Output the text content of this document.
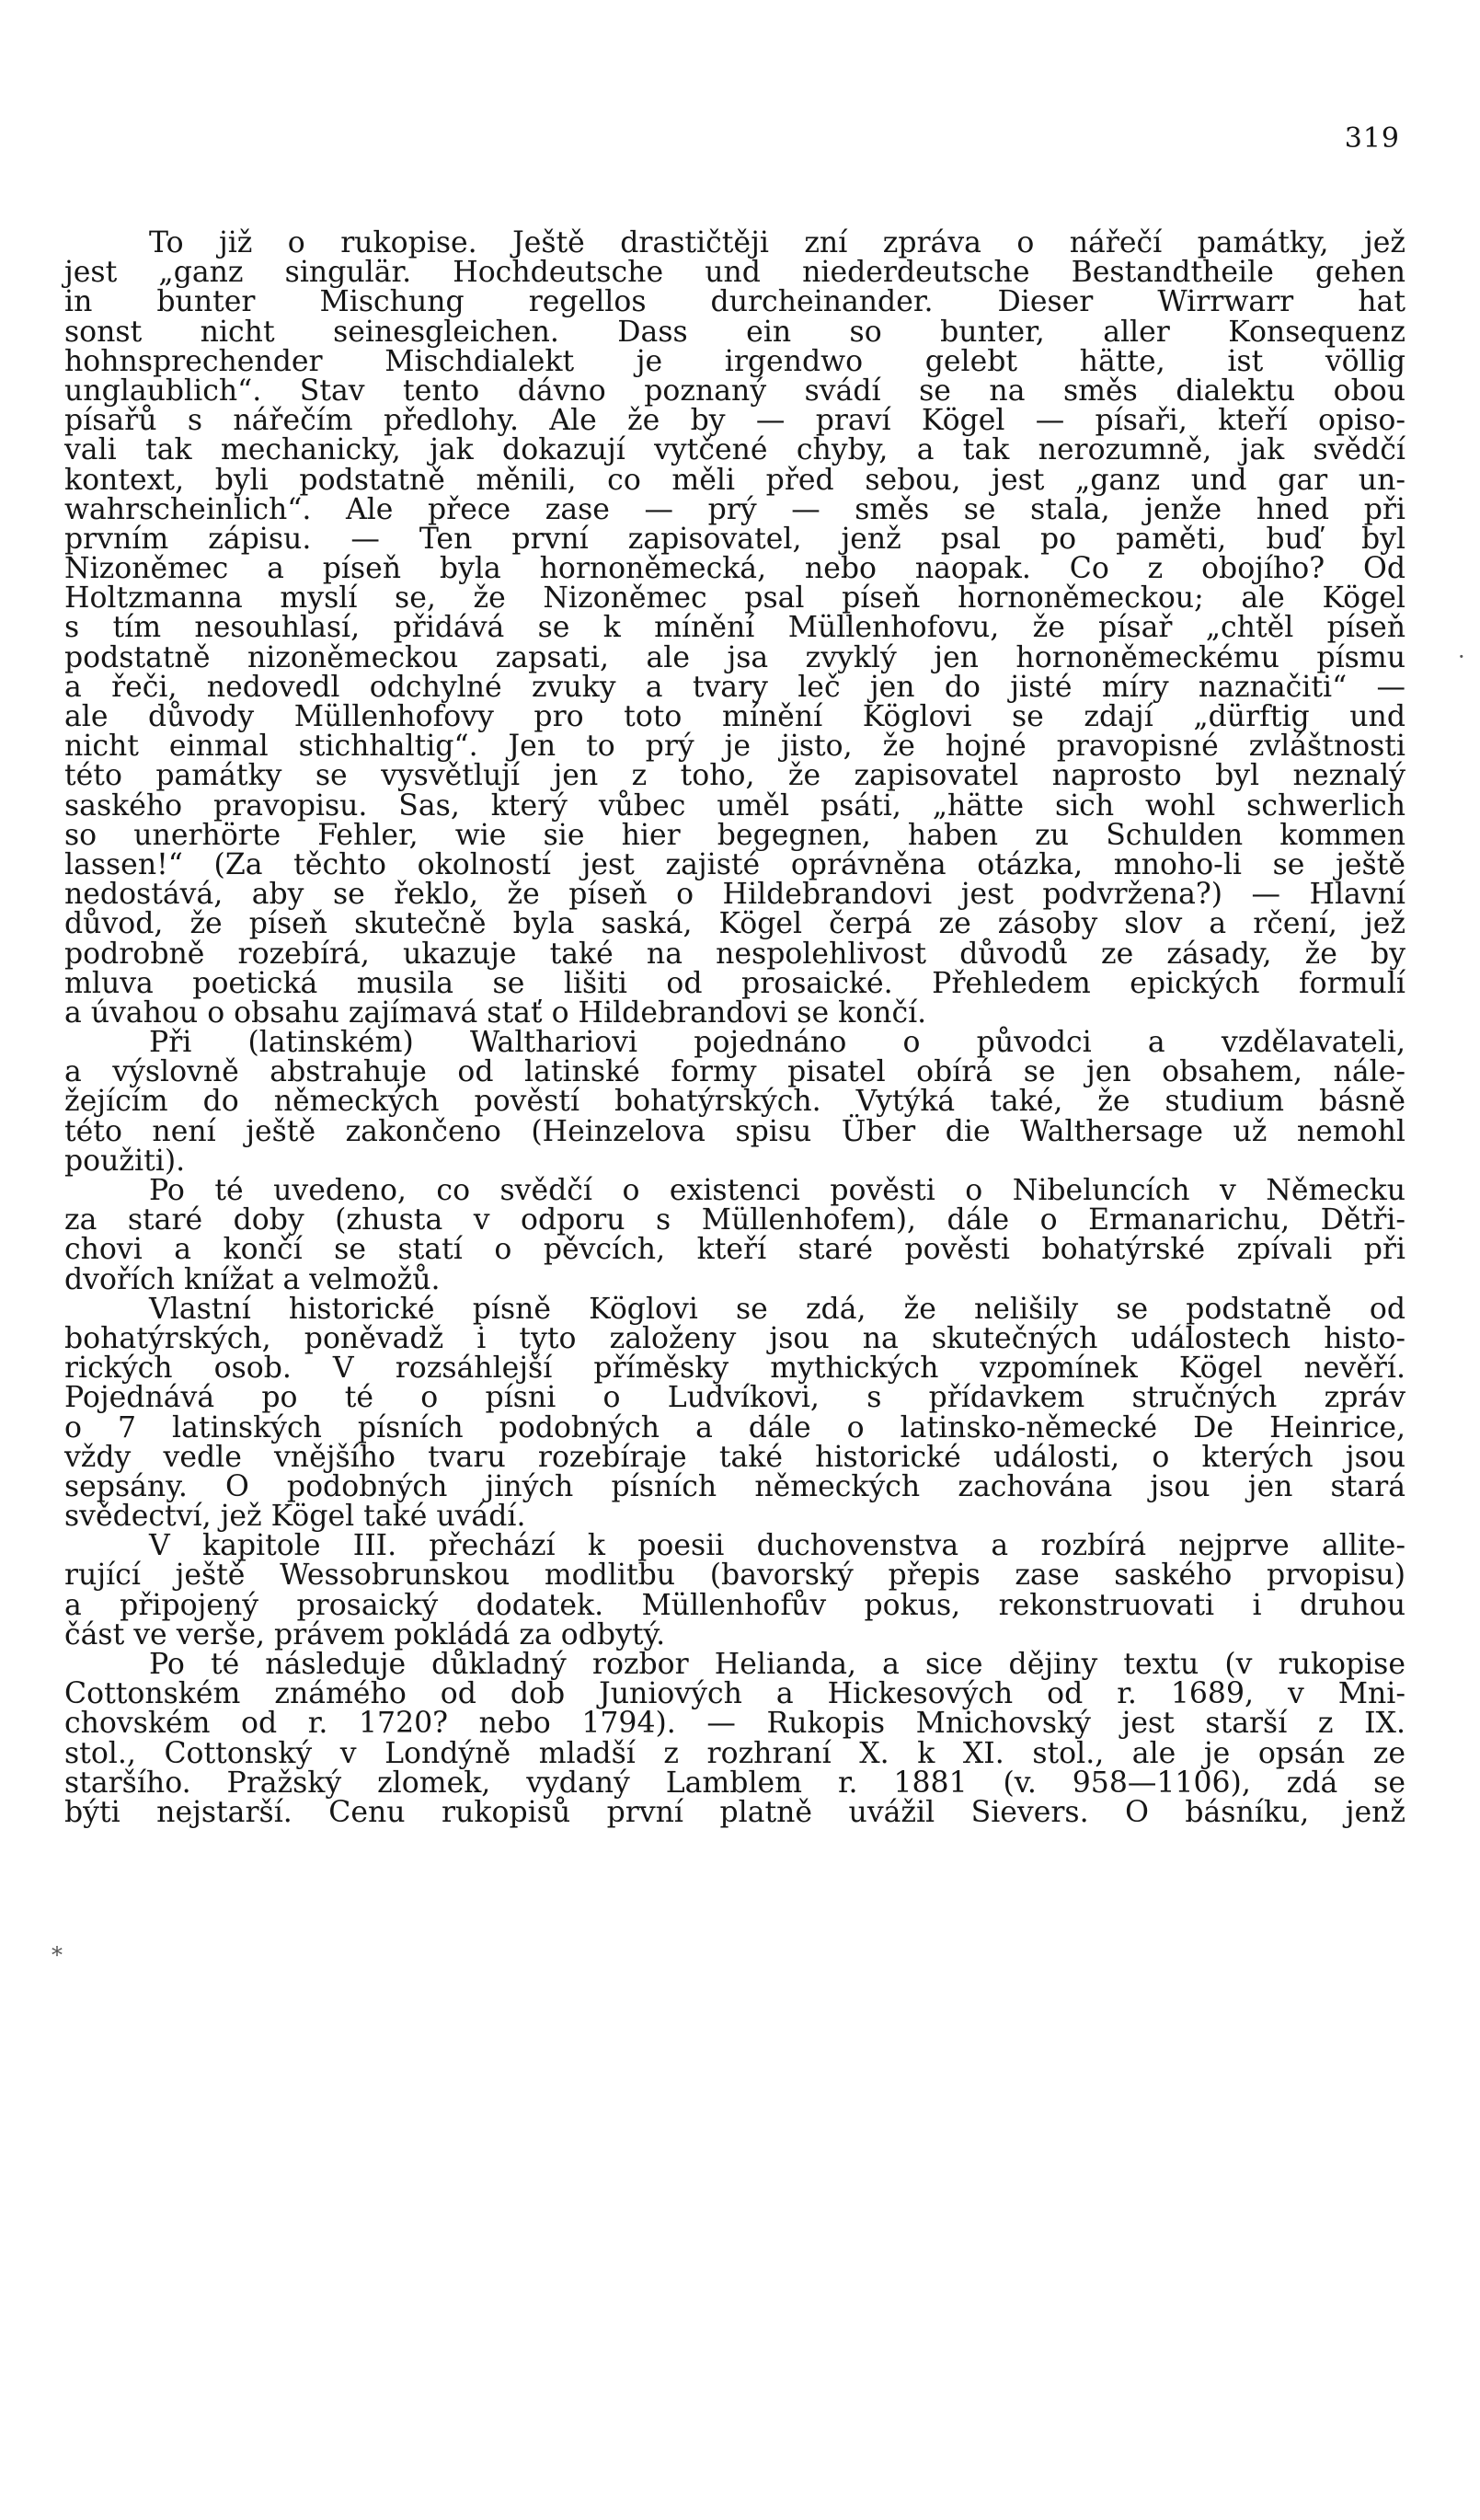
319
·
*
To již o rukopise. Ještě drastičtěji zní zpráva o nářečí památky, jež
jest „ganz singulär. Hochdeutsche und niederdeutsche Bestandtheile gehen
in bunter Mischung regellos durcheinander. Dieser Wirrwarr hat
sonst nicht seinesgleichen. Dass ein so bunter, aller Konsequenz
hohnsprechender Mischdialekt je irgendwo gelebt hätte, ist völlig
unglaublich“. Stav tento dávno poznaný svádí se na směs dialektu obou
písařů s nářečím předlohy. Ale že by — praví Kögel — písaři, kteří opiso-
vali tak mechanicky, jak dokazují vytčené chyby, a tak nerozumně, jak svědčí
kontext, byli podstatně měnili, co měli před sebou, jest „ganz und gar un-
wahrscheinlich“. Ale přece zase — prý — směs se stala, jenže hned při
prvním zápisu. — Ten první zapisovatel, jenž psal po paměti, buď byl
Nizoněmec a píseň byla hornoněmecká, nebo naopak. Co z obojího? Od
Holtzmanna myslí se, že Nizoněmec psal píseň hornoněmeckou; ale Kögel
s tím nesouhlasí, přidává se k mínění Müllenhofovu, že písař „chtěl píseň
podstatně nizoněmeckou zapsati, ale jsa zvyklý jen hornoněmeckému písmu
a řeči, nedovedl odchylné zvuky a tvary leč jen do jisté míry naznačiti“ —
ale důvody Müllenhofovy pro toto mínění Köglovi se zdají „dürftig und
nicht einmal stichhaltig“. Jen to prý je jisto, že hojné pravopisné zvláštnosti
této památky se vysvětlují jen z toho, že zapisovatel naprosto byl neznalý
saského pravopisu. Sas, který vůbec uměl psáti, „hätte sich wohl schwerlich
so unerhörte Fehler, wie sie hier begegnen, haben zu Schulden kommen
lassen!“ (Za těchto okolností jest zajisté oprávněna otázka, mnoho-li se ještě
nedostává, aby se řeklo, že píseň o Hildebrandovi jest podvržena?) — Hlavní
důvod, že píseň skutečně byla saská, Kögel čerpá ze zásoby slov a rčení, jež
podrobně rozebírá, ukazuje také na nespolehlivost důvodů ze zásady, že by
mluva poetická musila se lišiti od prosaické. Přehledem epických formulí
a úvahou o obsahu zajímavá stať o Hildebrandovi se končí.
Při (latinském) Walthariovi pojednáno o původci a vzdělavateli,
a výslovně abstrahuje od latinské formy pisatel obírá se jen obsahem, nále-
žejícím do německých pověstí bohatýrských. Vytýká také, že studium básně
této není ještě zakončeno (Heinzelova spisu Über die Walthersage už nemohl
použiti).
Po té uvedeno, co svědčí o existenci pověsti o Nibeluncích v Německu
za staré doby (zhusta v odporu s Müllenhofem), dále o Ermanarichu, Dětři-
chovi a končí se statí o pěvcích, kteří staré pověsti bohatýrské zpívali při
dvořích knížat a velmožů.
Vlastní historické písně Köglovi se zdá, že nelišily se podstatně od
bohatýrských, poněvadž i tyto založeny jsou na skutečných událostech histo-
rických osob. V rozsáhlejší příměsky mythických vzpomínek Kögel nevěří.
Pojednává po té o písni o Ludvíkovi, s přídavkem stručných zpráv
o 7 latinských písních podobných a dále o latinsko-německé De Heinrice,
vždy vedle vnějšího tvaru rozebíraje také historické události, o kterých jsou
sepsány. O podobných jiných písních německých zachována jsou jen stará
svědectví, jež Kögel také uvádí.
V kapitole III. přechází k poesii duchovenstva a rozbírá nejprve allite-
rující ještě Wessobrunskou modlitbu (bavorský přepis zase saského prvopisu)
a připojený prosaický dodatek. Müllenhofův pokus, rekonstruovati i druhou
část ve verše, právem pokládá za odbytý.
Po té následuje důkladný rozbor Helianda, a sice dějiny textu (v rukopise
Cottonském známého od dob Juniových a Hickesových od r. 1689, v Mni-
chovském od r. 1720? nebo 1794). — Rukopis Mnichovský jest starší z IX.
stol., Cottonský v Londýně mladší z rozhraní X. k XI. stol., ale je opsán ze
staršího. Pražský zlomek, vydaný Lamblem r. 1881 (v. 958—1106), zdá se
býti nejstarší. Cenu rukopisů první platně uvážil Sievers. O básníku, jenž
